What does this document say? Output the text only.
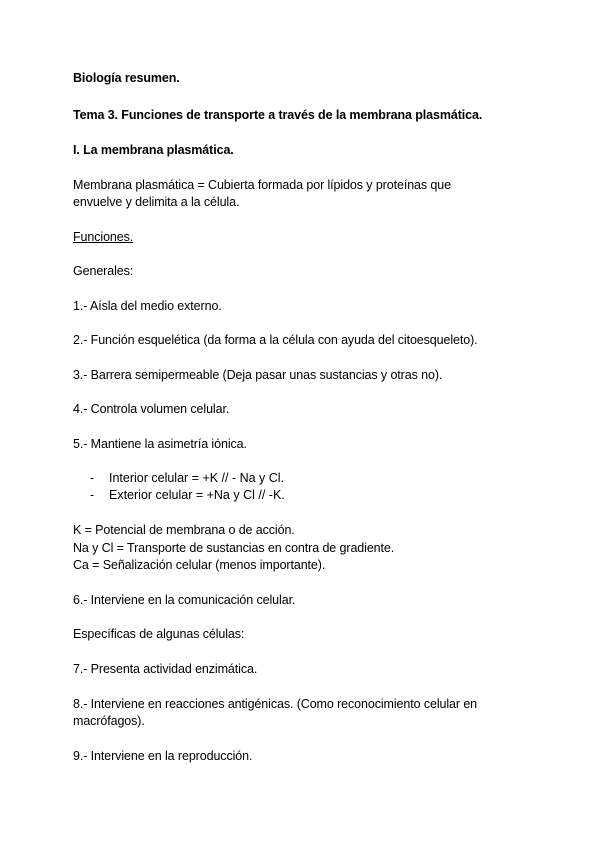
Biología resumen.
Tema 3. Funciones de transporte a través de la membrana plasmática.
I. La membrana plasmática.
Membrana plasmática = Cubierta formada por lípidos y proteínas que
envuelve y delimita a la célula.
Funciones.
Generales:
1.- Aísla del medio externo.
2.- Función esquelética (da forma a la célula con ayuda del citoesqueleto).
3.- Barrera semipermeable (Deja pasar unas sustancias y otras no).
4.- Controla volumen celular.
5.- Mantiene la asimetría iónica.
- Interior celular = +K // - Na y Cl.
- Exterior celular = +Na y Cl // -K.
K = Potencial de membrana o de acción.
Na y Cl = Transporte de sustancias en contra de gradiente.
Ca = Señalización celular (menos importante).
6.- Interviene en la comunicación celular.
Específicas de algunas células:
7.- Presenta actividad enzimática.
8.- Interviene en reacciones antigénicas. (Como reconocimiento celular en
macrófagos).
9.- Interviene en la reproducción.
